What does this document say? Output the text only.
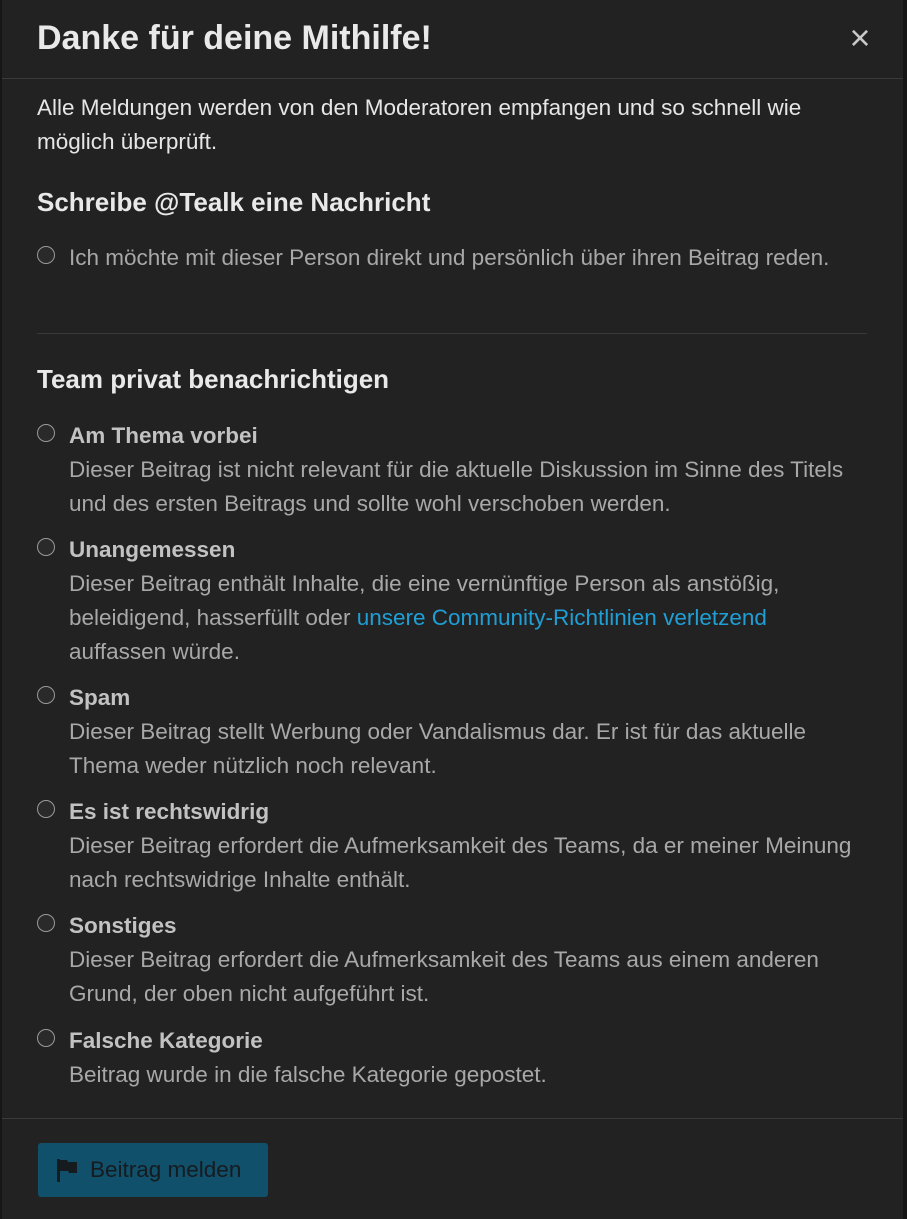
Danke für deine Mithilfe!	×

Alle Meldungen werden von den Moderatoren empfangen und so schnell wie möglich überprüft.

Schreibe @Tealk eine Nachricht
Ich möchte mit dieser Person direkt und persönlich über ihren Beitrag reden.
Team privat benachrichtigen
Am Thema vorbei
Dieser Beitrag ist nicht relevant für die aktuelle Diskussion im Sinne des Titels und des ersten Beitrags und sollte wohl verschoben werden.
Unangemessen
Dieser Beitrag enthält Inhalte, die eine vernünftige Person als anstößig, beleidigend, hasserfüllt oder unsere Community-Richtlinien verletzend auffassen würde.
Spam
Dieser Beitrag stellt Werbung oder Vandalismus dar. Er ist für das aktuelle Thema weder nützlich noch relevant.
Es ist rechtswidrig
Dieser Beitrag erfordert die Aufmerksamkeit des Teams, da er meiner Meinung nach rechtswidrige Inhalte enthält.
Sonstiges
Dieser Beitrag erfordert die Aufmerksamkeit des Teams aus einem anderen Grund, der oben nicht aufgeführt ist.
Falsche Kategorie
Beitrag wurde in die falsche Kategorie gepostet.
Beitrag melden
